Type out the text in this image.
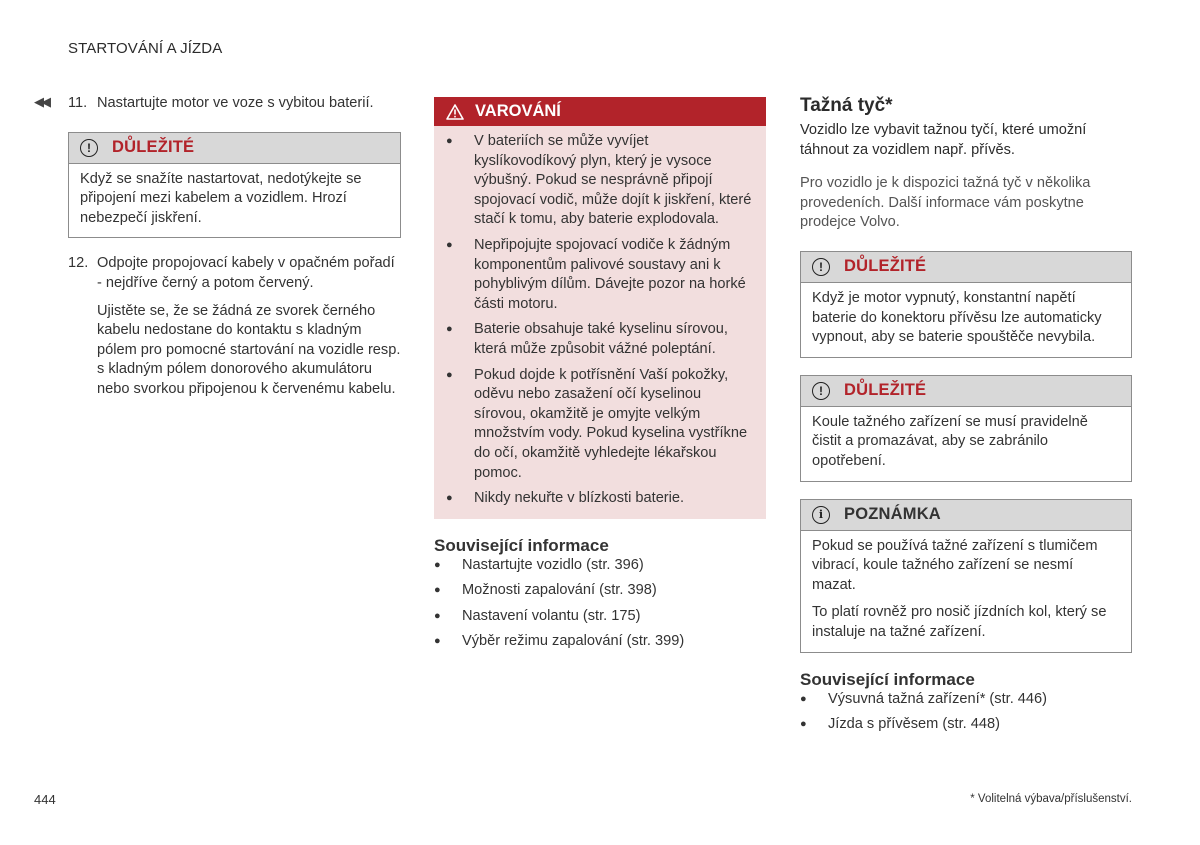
STARTOVÁNÍ A JÍZDA
◀◀ 11. Nastartujte motor ve voze s vybitou baterií.
!	DŮLEŽITÉ

Když se snažíte nastartovat, nedotýkejte se připojení mezi kabelem a vozidlem. Hrozí nebezpečí jiskření.

12. Odpojte propojovací kabely v opačném pořadí - nejdříve černý a potom červený.

Ujistěte se, že se žádná ze svorek černého kabelu nedostane do kontaktu s kladným pólem pro pomocné startování na vozidle resp. s kladným pólem donorového akumulátoru nebo svorkou připojenou k červenému kabelu.

VAROVÁNÍ
●	V bateriích se může vyvíjet kyslíkovodíkový plyn, který je vysoce výbušný. Pokud se nesprávně připojí spojovací vodič, může dojít k jiskření, které stačí k tomu, aby baterie explodovala.
●	Nepřipojujte spojovací vodiče k žádným komponentům palivové soustavy ani k pohyblivým dílům. Dávejte pozor na horké části motoru.
●	Baterie obsahuje také kyselinu sírovou, která může způsobit vážné poleptání.
●	Pokud dojde k potřísnění Vaší pokožky, oděvu nebo zasažení očí kyselinou sírovou, okamžitě je omyjte velkým množstvím vody. Pokud kyselina vystříkne do očí, okamžitě vyhledejte lékařskou pomoc.
●	Nikdy nekuřte v blízkosti baterie.

Související informace

●	Nastartujte vozidlo (str. 396)
●	Možnosti zapalování (str. 398)
●	Nastavení volantu (str. 175)
●	Výběr režimu zapalování (str. 399)

Tažná tyč*

Vozidlo lze vybavit tažnou tyčí, které umožní táhnout za vozidlem např. přívěs.

Pro vozidlo je k dispozici tažná tyč v několika provedeních. Další informace vám poskytne prodejce Volvo.

!	DŮLEŽITÉ

Když je motor vypnutý, konstantní napětí baterie do konektoru přívěsu lze automaticky vypnout, aby se baterie spouštěče nevybila.

!	DŮLEŽITÉ

Koule tažného zařízení se musí pravidelně čistit a promazávat, aby se zabránilo opotřebení.

i	POZNÁMKA

Pokud se používá tažné zařízení s tlumičem vibrací, koule tažného zařízení se nesmí mazat.

To platí rovněž pro nosič jízdních kol, který se instaluje na tažné zařízení.

Související informace

●	Výsuvná tažná zařízení* (str. 446)
●	Jízda s přívěsem (str. 448)
444	* Volitelná výbava/příslušenství.
